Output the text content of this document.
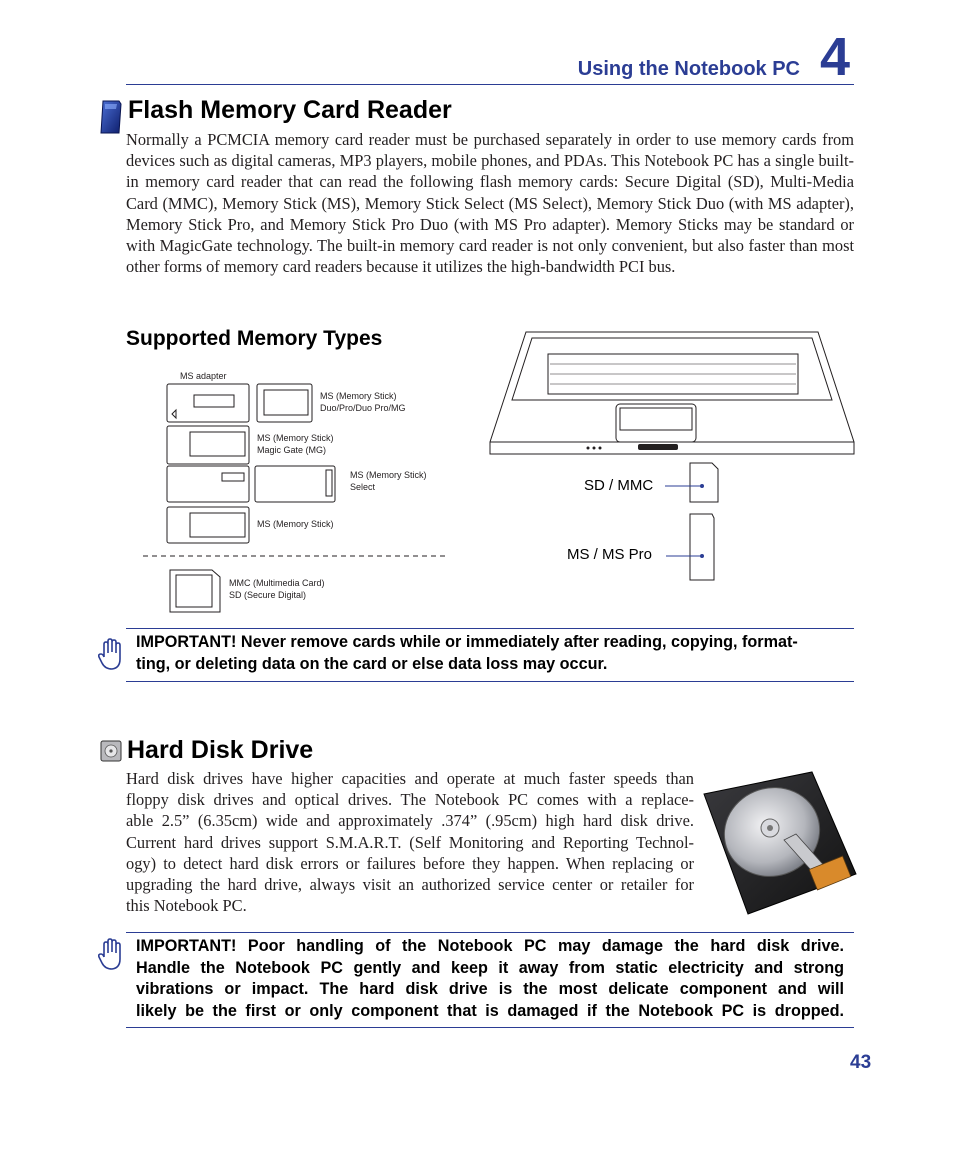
Using the Notebook PC 4
Flash Memory Card Reader
Normally a PCMCIA memory card reader must be purchased separately in order to use memory cards from devices such as digital cameras, MP3 players, mobile phones, and PDAs. This Notebook PC has a single built-in memory card reader that can read the following flash memory cards: Secure Digital (SD), Multi-Media Card (MMC), Memory Stick (MS), Memory Stick Select (MS Select), Memory Stick Duo (with MS adapter), Memory Stick Pro, and Memory Stick Pro Duo (with MS Pro adapter). Memory Sticks may be standard or with MagicGate technology. The built-in memory card reader is not only convenient, but also faster than most other forms of memory card readers because it utilizes the high-bandwidth PCI bus.
Supported Memory Types
MS adapter
MS (Memory Stick)
Duo/Pro/Duo Pro/MG
MS (Memory Stick)
Magic Gate (MG)
MS (Memory Stick)
Select
MS (Memory Stick)
MMC (Multimedia Card)
SD (Secure Digital)
SD / MMC
MS / MS Pro
IMPORTANT! Never remove cards while or immediately after reading, copying, format-
ting, or deleting data on the card or else data loss may occur.
Hard Disk Drive
Hard disk drives have higher capacities and operate at much faster speeds than
floppy disk drives and optical drives. The Notebook PC comes with a replace-
able 2.5” (6.35cm) wide and approximately .374” (.95cm) high hard disk drive.
Current hard drives support S.M.A.R.T. (Self Monitoring and Reporting Technol-
ogy) to detect hard disk errors or failures before they happen. When replacing or
upgrading the hard drive, always visit an authorized service center or retailer for
this Notebook PC.
IMPORTANT! Poor handling of the Notebook PC may damage the hard disk drive.
Handle the Notebook PC gently and keep it away from static electricity and strong
vibrations or impact. The hard disk drive is the most delicate component and will
likely be the first or only component that is damaged if the Notebook PC is dropped.
43
